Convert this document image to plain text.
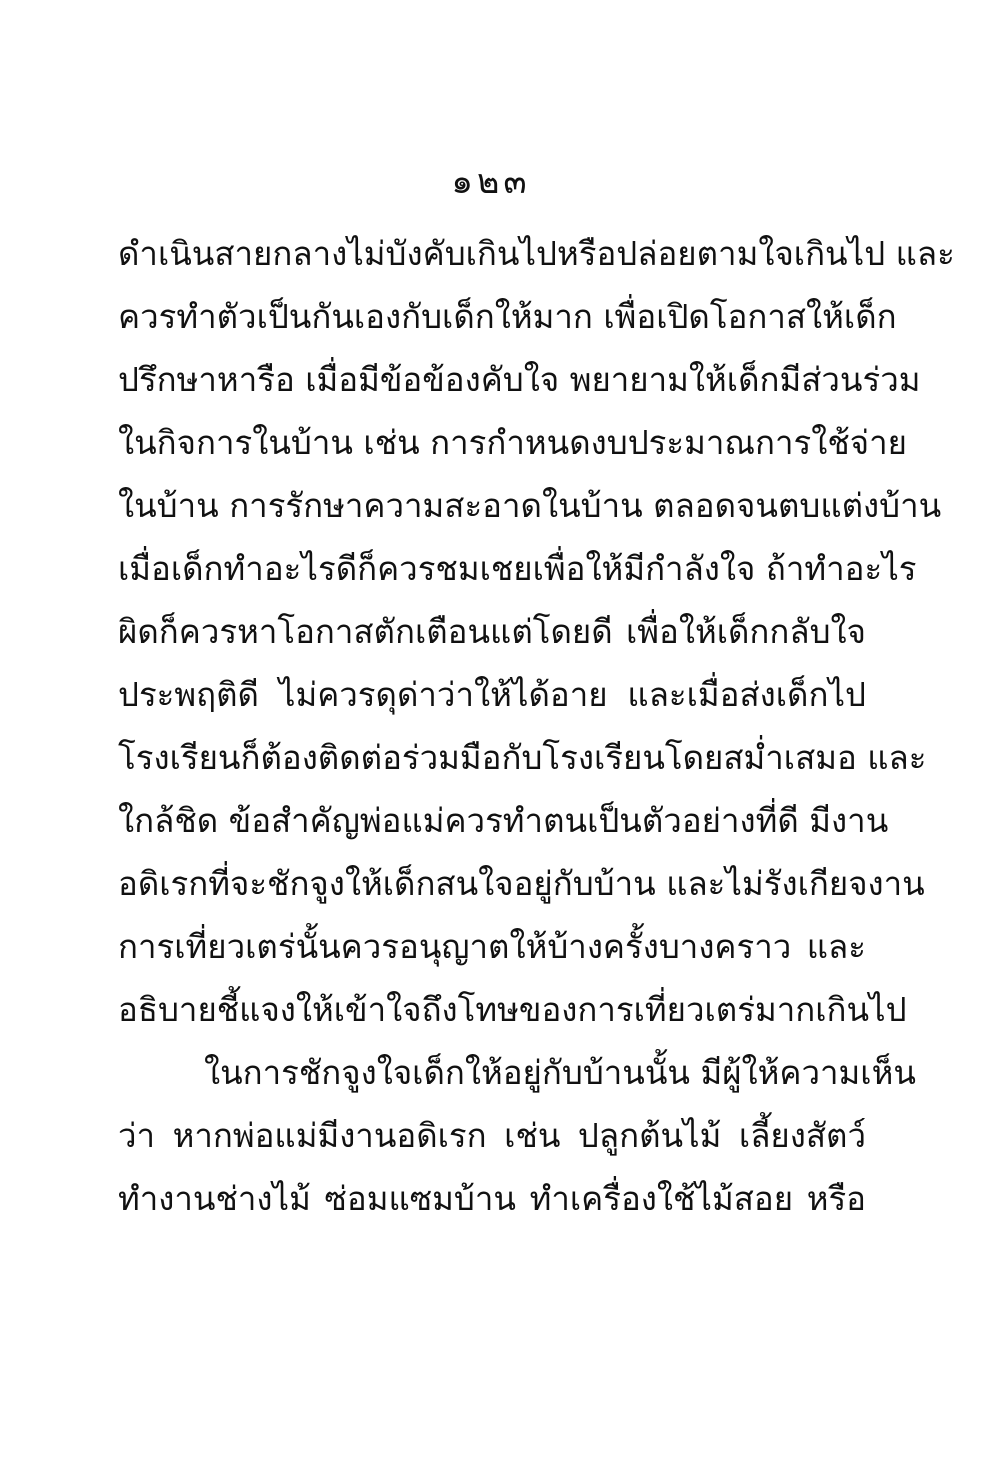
๑๒๓
ดำเนินสายกลางไม่บังคับเกินไปหรือปล่อยตามใจเกินไป และ
ควรทำตัวเป็นกันเองกับเด็กให้มาก เพื่อเปิดโอกาสให้เด็ก
ปรึกษาหารือ เมื่อมีข้อข้องคับใจ พยายามให้เด็กมีส่วนร่วม
ในกิจการในบ้าน เช่น การกำหนดงบประมาณการใช้จ่าย
ในบ้าน การรักษาความสะอาดในบ้าน ตลอดจนตบแต่งบ้าน
เมื่อเด็กทำอะไรดีก็ควรชมเชยเพื่อให้มีกำลังใจ ถ้าทำอะไร
ผิดก็ควรหาโอกาสตักเตือนแต่โดยดี เพื่อให้เด็กกลับใจ
ประพฤติดี ไม่ควรดุด่าว่าให้ได้อาย และเมื่อส่งเด็กไป
โรงเรียนก็ต้องติดต่อร่วมมือกับโรงเรียนโดยสม่ำเสมอ และ
ใกล้ชิด ข้อสำคัญพ่อแม่ควรทำตนเป็นตัวอย่างที่ดี มีงาน
อดิเรกที่จะชักจูงให้เด็กสนใจอยู่กับบ้าน และไม่รังเกียจงาน
การเที่ยวเตร่นั้นควรอนุญาตให้บ้างครั้งบางคราว และ
อธิบายชี้แจงให้เข้าใจถึงโทษของการเที่ยวเตร่มากเกินไป
ในการชักจูงใจเด็กให้อยู่กับบ้านนั้น มีผู้ให้ความเห็น
ว่า หากพ่อแม่มีงานอดิเรก เช่น ปลูกต้นไม้ เลี้ยงสัตว์
ทำงานช่างไม้ ซ่อมแซมบ้าน ทำเครื่องใช้ไม้สอย หรือ
